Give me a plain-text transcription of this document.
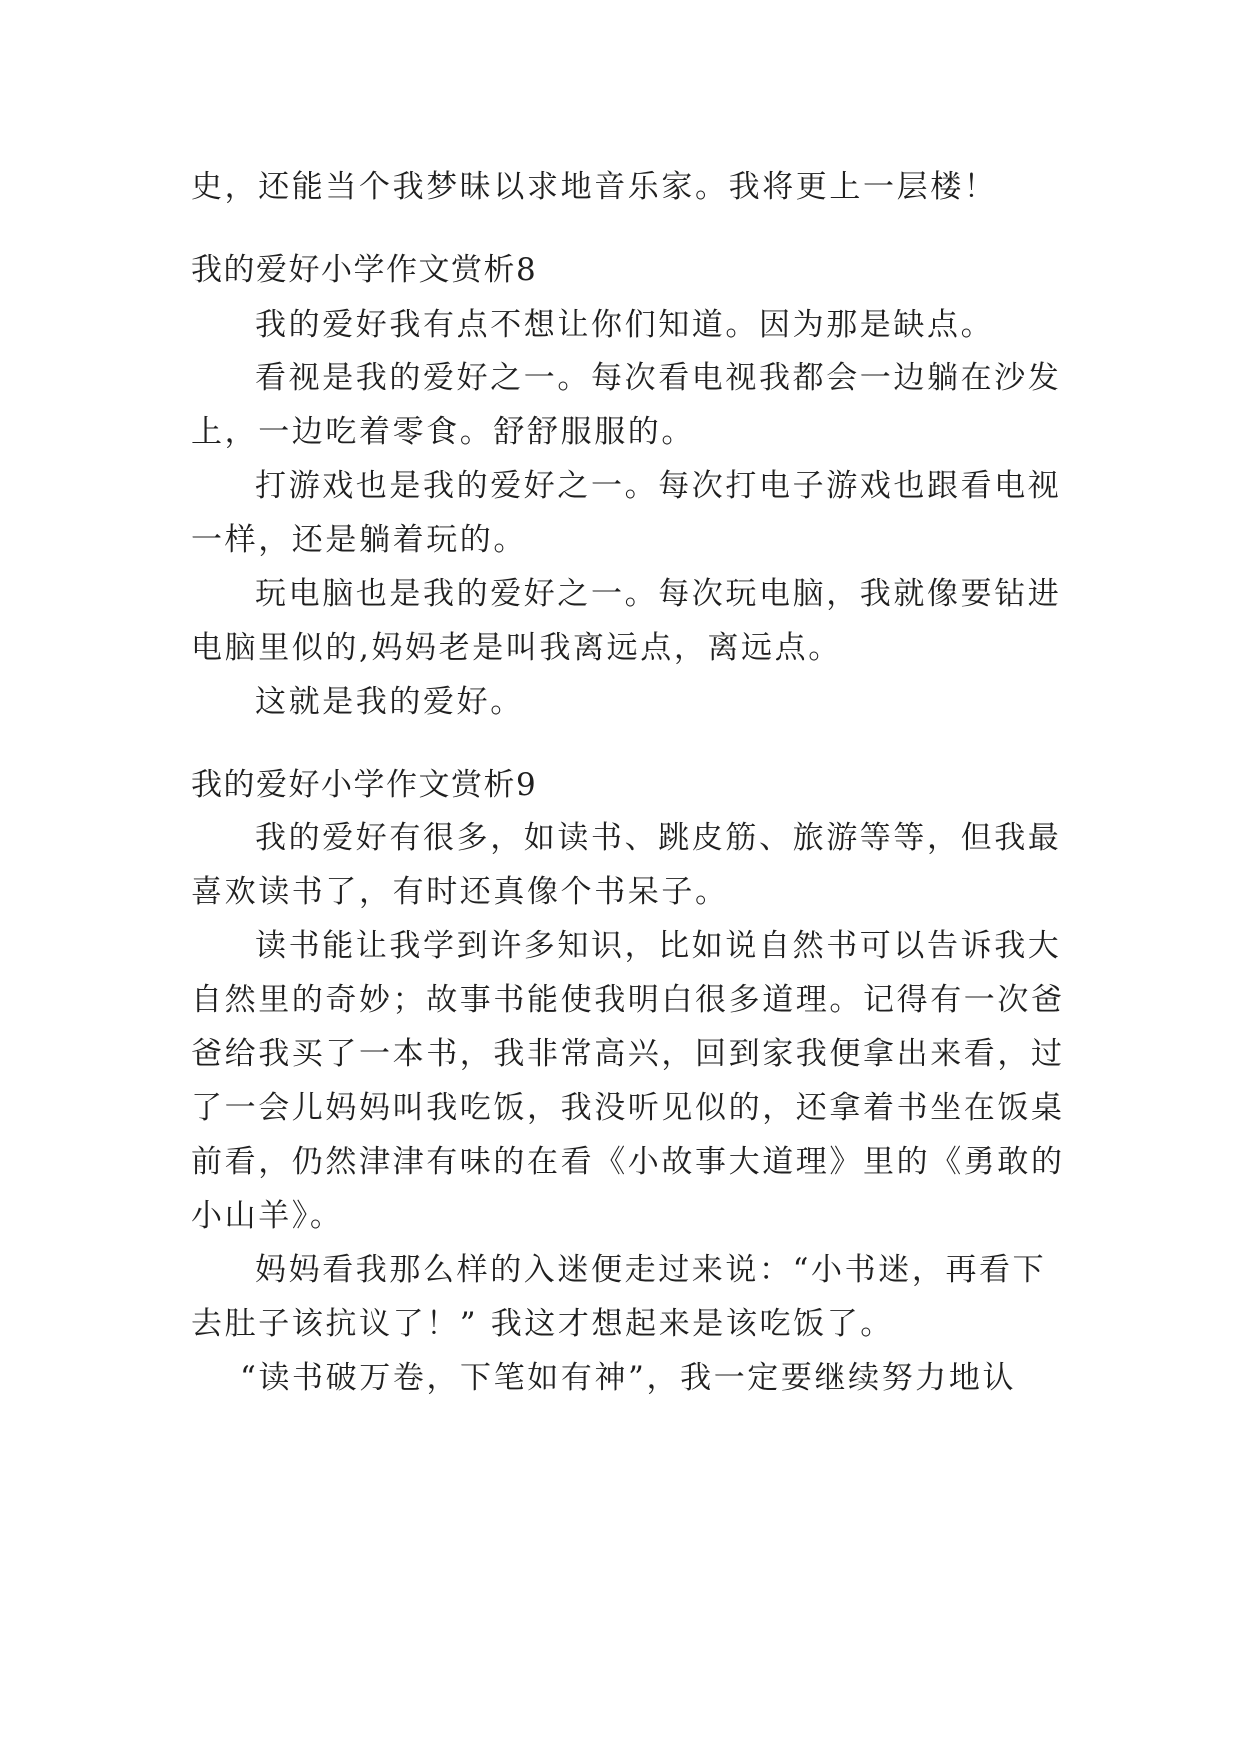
史，还能当个我梦昧以求地音乐家。我将更上一层楼！
我的爱好小学作文赏析8
我的爱好我有点不想让你们知道。因为那是缺点。
看视是我的爱好之一。每次看电视我都会一边躺在沙发
上，一边吃着零食。舒舒服服的。
打游戏也是我的爱好之一。每次打电子游戏也跟看电视
一样，还是躺着玩的。
玩电脑也是我的爱好之一。每次玩电脑，我就像要钻进
电脑里似的,妈妈老是叫我离远点，离远点。
这就是我的爱好。
我的爱好小学作文赏析9
我的爱好有很多，如读书、跳皮筋、旅游等等，但我最
喜欢读书了，有时还真像个书呆子。
读书能让我学到许多知识，比如说自然书可以告诉我大
自然里的奇妙；故事书能使我明白很多道理。记得有一次爸
爸给我买了一本书，我非常高兴，回到家我便拿出来看，过
了一会儿妈妈叫我吃饭，我没听见似的，还拿着书坐在饭桌
前看，仍然津津有味的在看《小故事大道理》里的《勇敢的
小山羊》。
妈妈看我那么样的入迷便走过来说：“小书迷，再看下
去肚子该抗议了！” 我这才想起来是该吃饭了。
“读书破万卷，下笔如有神”，我一定要继续努力地认
